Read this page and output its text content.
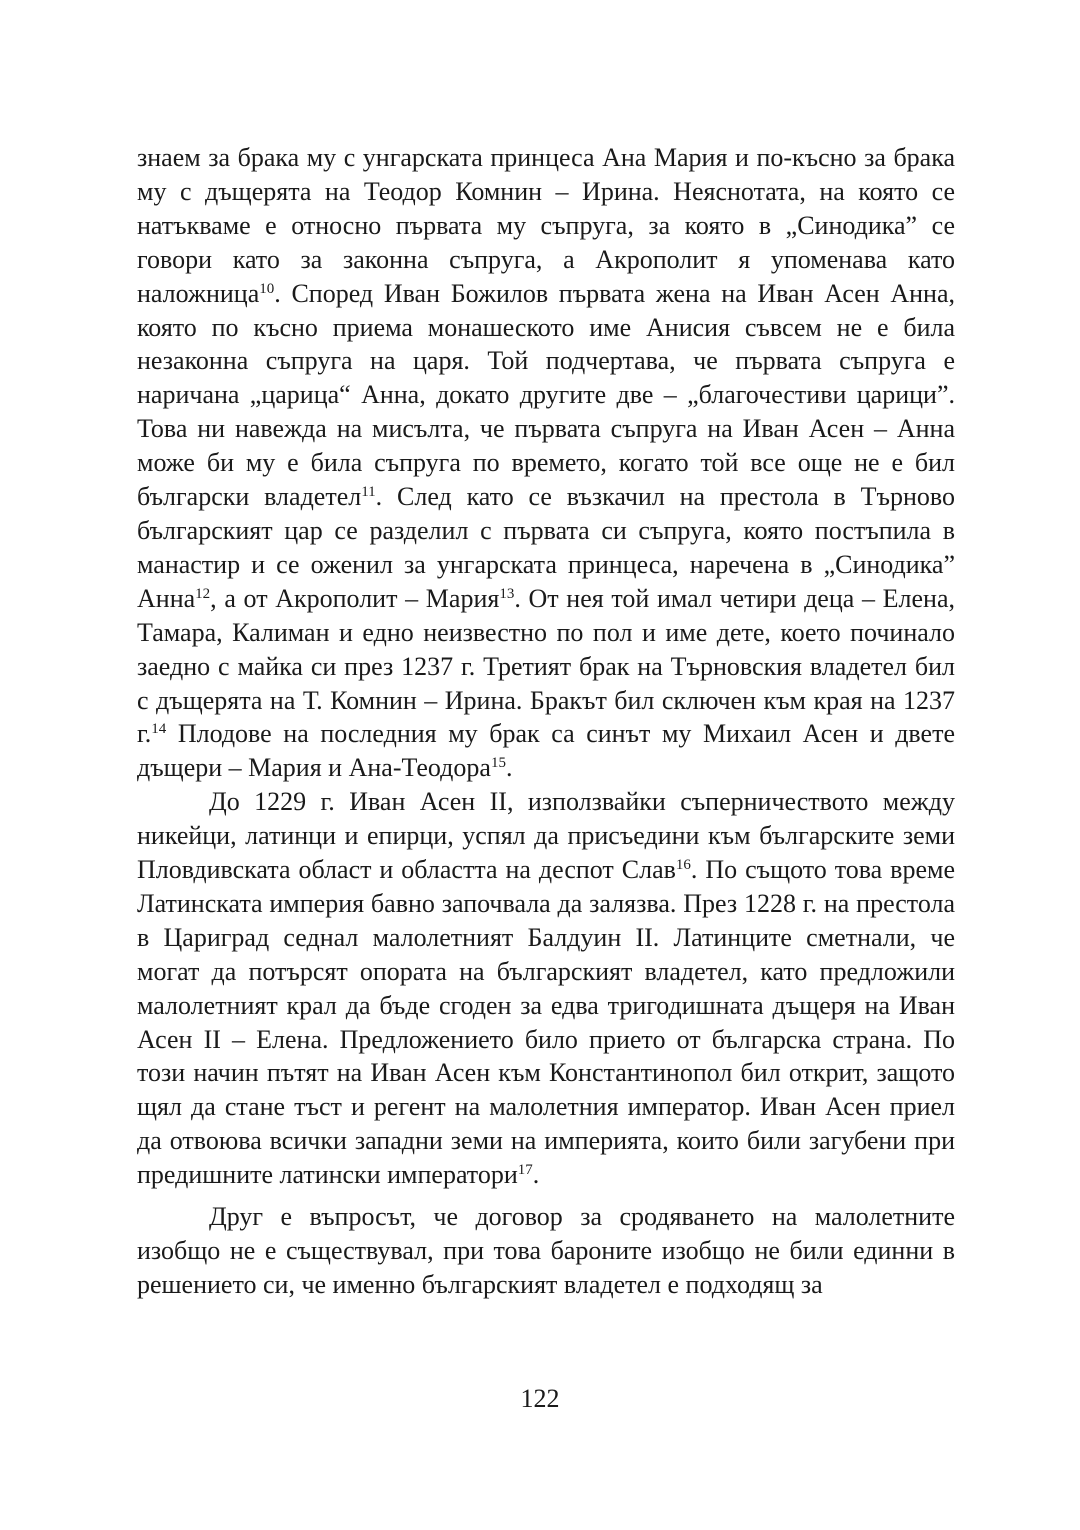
знаем за брака му с унгарската принцеса Ана Мария и по-късно за брака му с дъщерята на Теодор Комнин – Ирина. Неяснотата, на която се натъкваме е относно първата му съпруга, за която в „Синодика” се говори като за законна съпруга, а Акрополит я упоменава като наложница$^{10}$. Според Иван Божилов първата жена на Иван Асен Анна, която по късно приема монашеското име Анисия съвсем не е била незаконна съпруга на царя. Той подчертава, че първата съпруга е наричана „царица“ Анна, докато другите две – „благочестиви царици”. Това ни навежда на мисълта, че първата съпруга на Иван Асен – Анна може би му е била съпруга по времето, когато той все още не е бил български владетел$^{11}$. След като се възкачил на престола в Търново българският цар се разделил с първата си съпруга, която постъпила в манастир и се оженил за унгарската принцеса, наречена в „Синодика” Анна$^{12}$, а от Акрополит – Мария$^{13}$. От нея той имал четири деца – Елена, Тамара, Калиман и едно неизвестно по пол и име дете, което починало заедно с майка си през 1237 г. Третият брак на Търновския владетел бил с дъщерята на Т. Комнин – Ирина. Бракът бил сключен към края на 1237 г.$^{14}$ Плодове на последния му брак са синът му Михаил Асен и двете дъщери – Мария и Ана-Теодора$^{15}$.

До 1229 г. Иван Асен II, използвайки съперничеството между никейци, латинци и епирци, успял да присъедини към българските земи Пловдивската област и областта на деспот Слав$^{16}$. По същото това време Латинската империя бавно започвала да залязва. През 1228 г. на престола в Цариград седнал малолетният Балдуин II. Латинците сметнали, че могат да потърсят опората на българският владетел, като предложили малолетният крал да бъде сгоден за едва тригодишната дъщеря на Иван Асен II – Елена. Предложението било прието от българска страна. По този начин пътят на Иван Асен към Константинопол бил открит, защото щял да стане тъст и регент на малолетния император. Иван Асен приел да отвоюва всички западни земи на империята, които били загубени при предишните латински императори$^{17}$.

Друг е въпросът, че договор за сродяването на малолетните изобщо не е съществувал, при това бароните изобщо не били единни в решението си, че именно българският владетел е подходящ за

122
